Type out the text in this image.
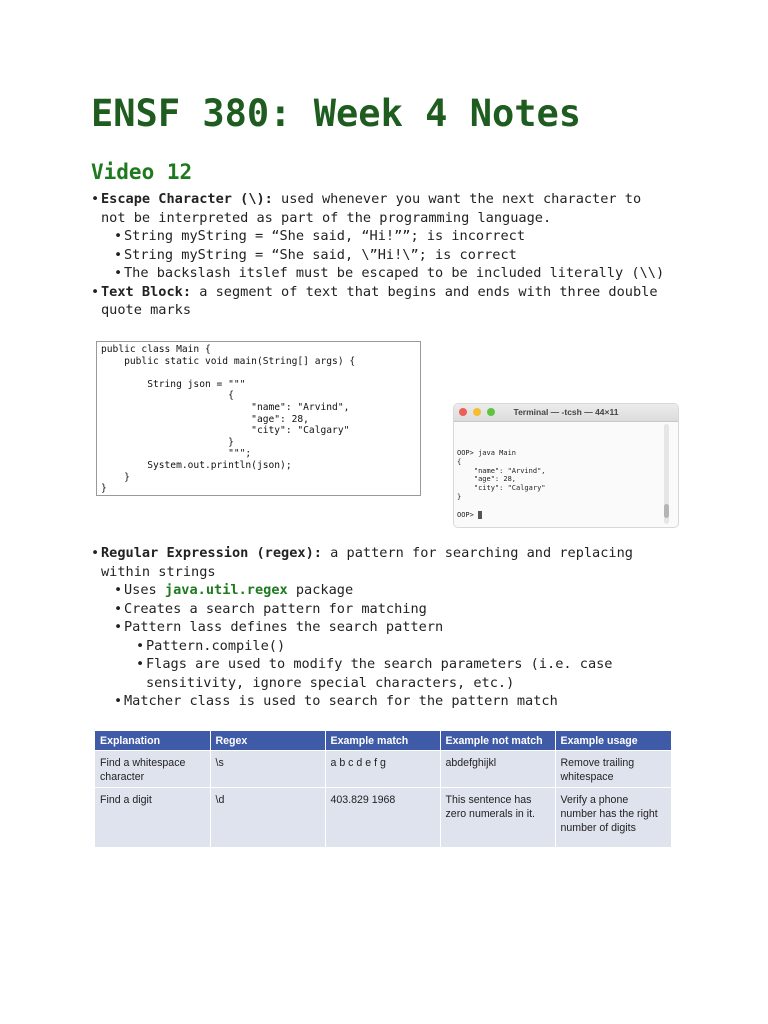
ENSF 380: Week 4 Notes
Video 12
• Escape Character (\): used whenever you want the next character to
not be interpreted as part of the programming language.
• String myString = “She said, “Hi!””; is incorrect
• String myString = “She said, \”Hi!\”; is correct
• The backslash itslef must be escaped to be included literally (\\)
• Text Block: a segment of text that begins and ends with three double
quote marks
public class Main {
public static void main(String[] args) {

String json = """
{
"name": "Arvind",
"age": 28,
"city": "Calgary"
}
""";
System.out.println(json);
}
}
Terminal — -tcsh — 44×11

OOP> java Main
{
"name": "Arvind",
"age": 28,
"city": "Calgary"
}

OOP>
• Regular Expression (regex): a pattern for searching and replacing
within strings
• Uses java.util.regex package
• Creates a search pattern for matching
• Pattern lass defines the search pattern
• Pattern.compile()
• Flags are used to modify the search parameters (i.e. case
sensitivity, ignore special characters, etc.)
• Matcher class is used to search for the pattern match
Explanation	Regex	Example match	Example not match	Example usage
Find a whitespace character	\s	a b c d e f g	abdefghijkl	Remove trailing whitespace
Find a digit	\d	403.829 1968	This sentence has zero numerals in it.	Verify a phone number has the right number of digits
